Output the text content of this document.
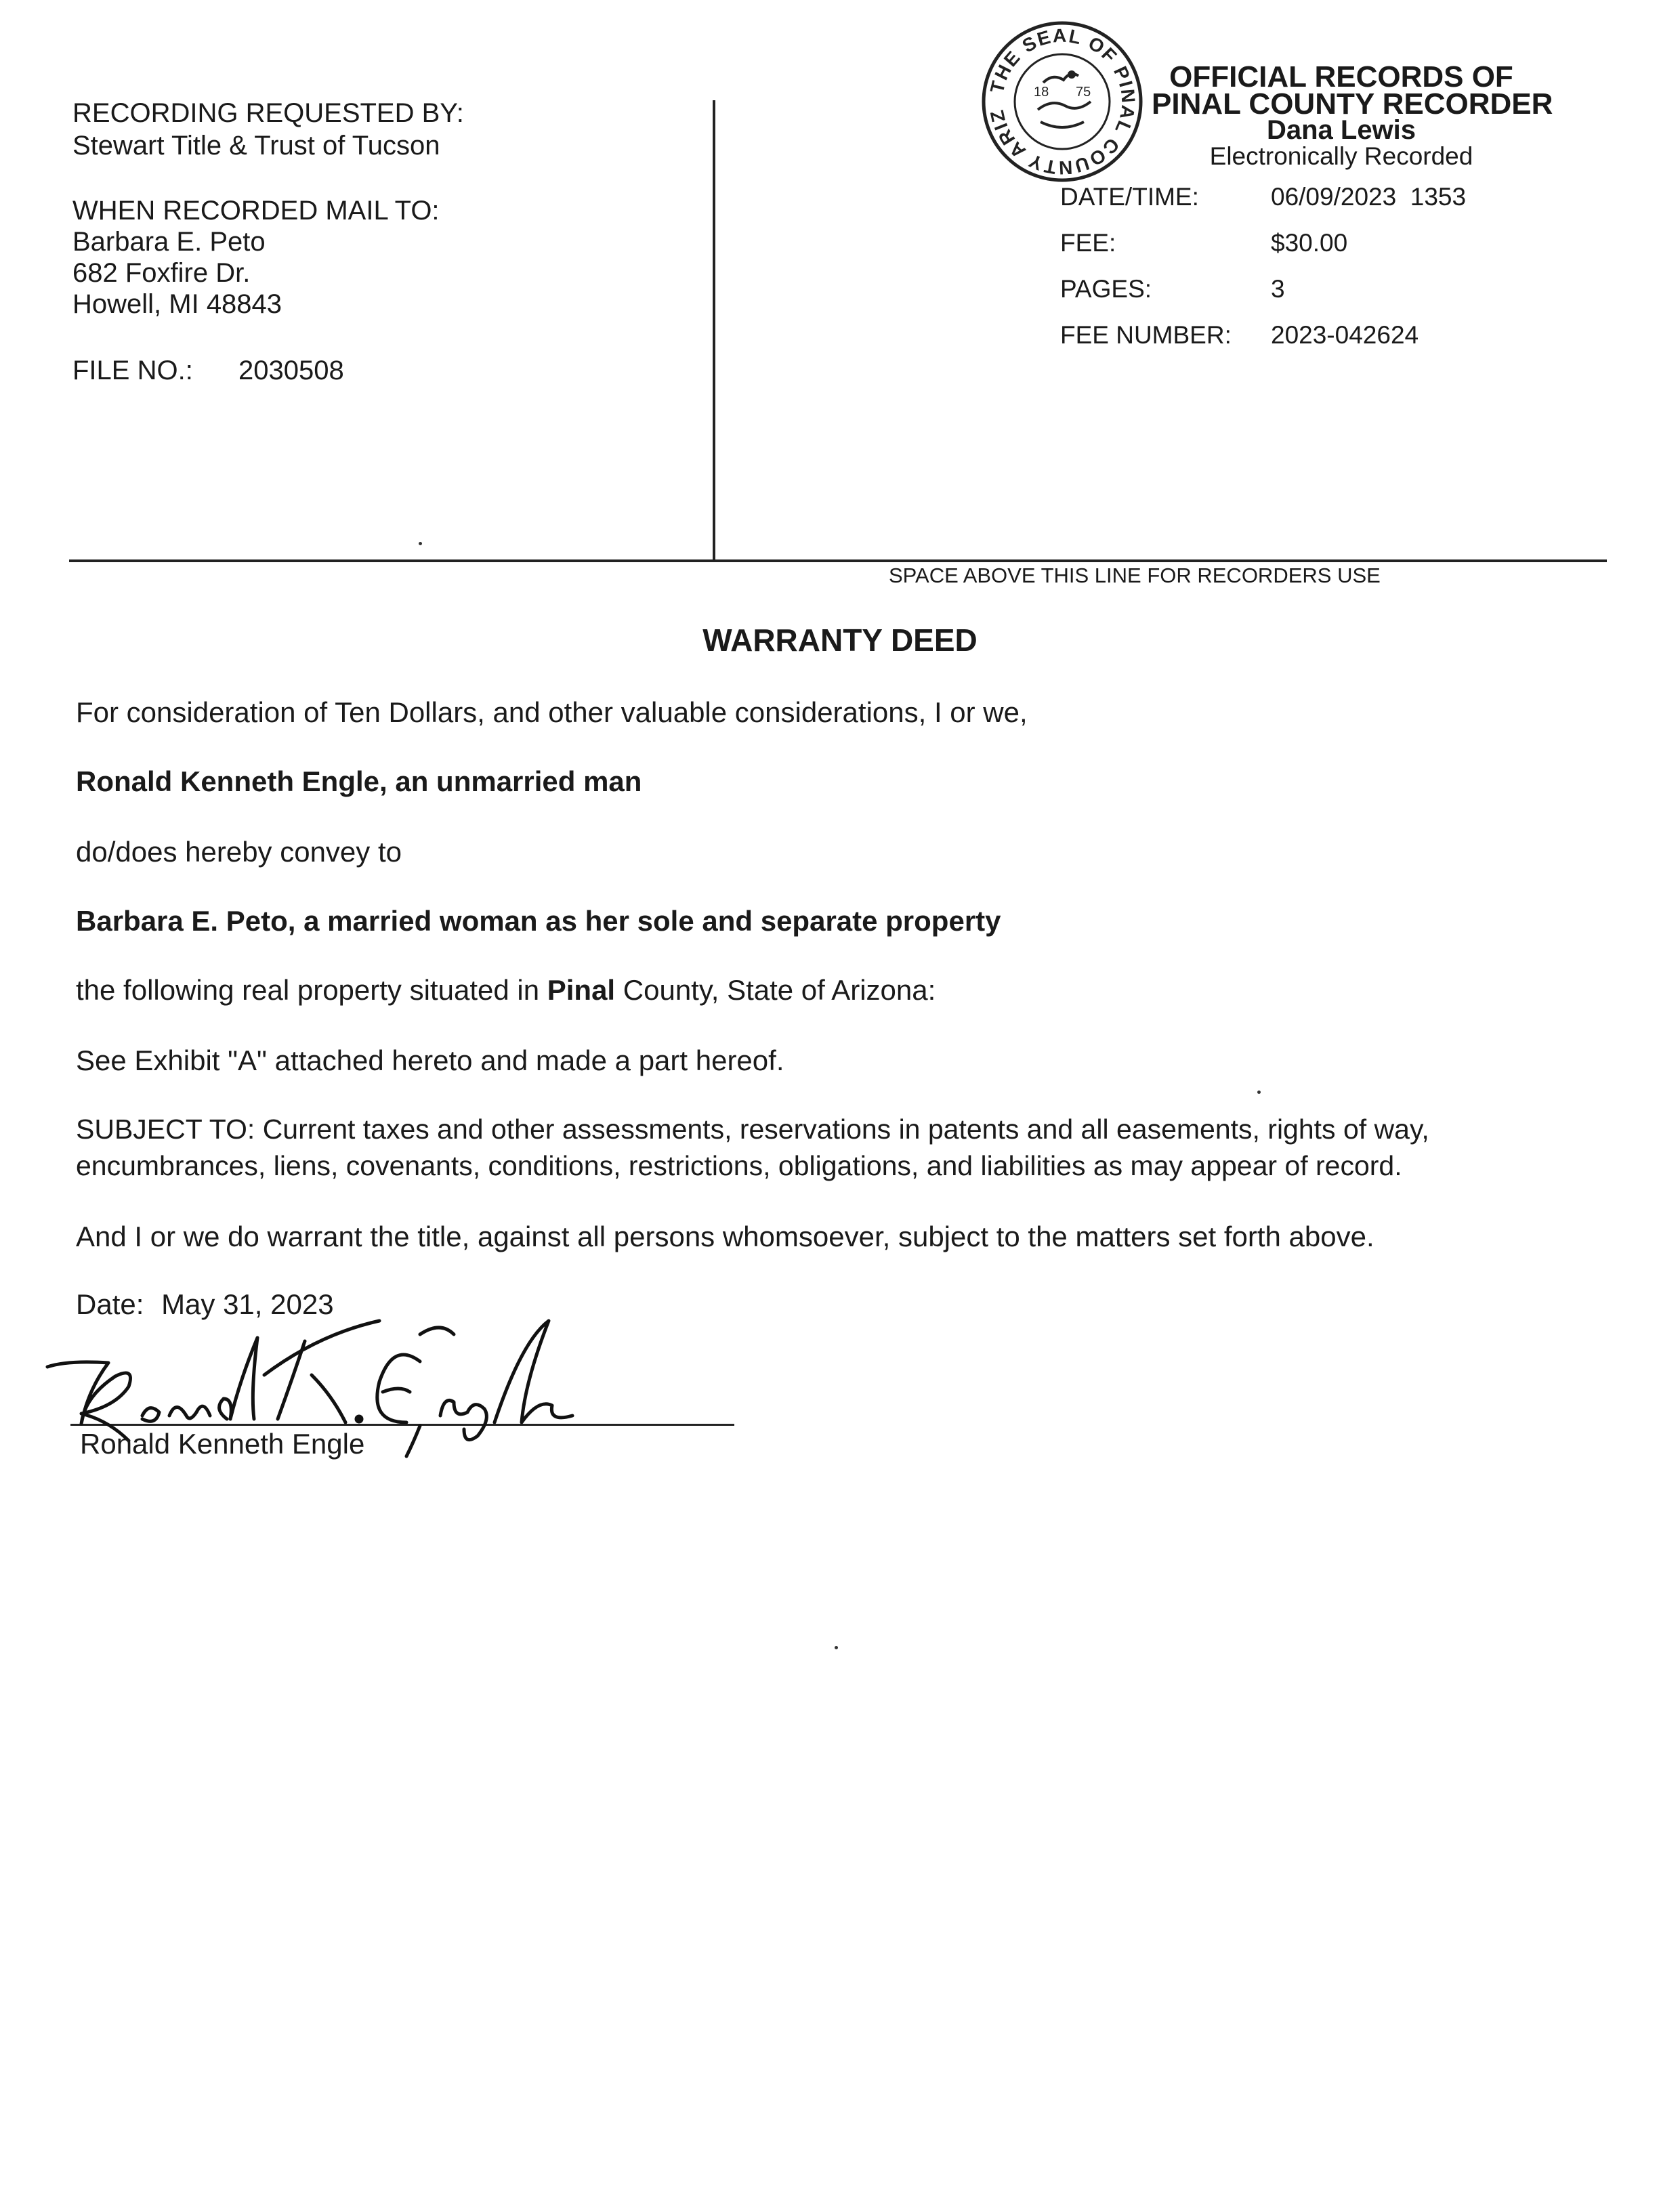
RECORDING REQUESTED BY:
Stewart Title & Trust of Tucson
WHEN RECORDED MAIL TO:
Barbara E. Peto
682 Foxfire Dr.
Howell, MI 48843
FILE NO.: 2030508
THE SEAL OF PINAL COUNTY ARIZ
18 75	OFFICIAL RECORDS OF
PINAL COUNTY RECORDER
Dana Lewis
Electronically Recorded
DATE/TIME:	06/09/2023  1353
FEE:	$30.00
PAGES:	3
FEE NUMBER: 2023-042624
SPACE ABOVE THIS LINE FOR RECORDERS USE
WARRANTY DEED
For consideration of Ten Dollars, and other valuable considerations, I or we,
Ronald Kenneth Engle, an unmarried man
do/does hereby convey to
Barbara E. Peto, a married woman as her sole and separate property
the following real property situated in Pinal County, State of Arizona:
See Exhibit "A" attached hereto and made a part hereof.
SUBJECT TO: Current taxes and other assessments, reservations in patents and all easements, rights of way,
encumbrances, liens, covenants, conditions, restrictions, obligations, and liabilities as may appear of record.
And I or we do warrant the title, against all persons whomsoever, subject to the matters set forth above.
Date: May 31, 2023
Ronald Kenneth Engle
